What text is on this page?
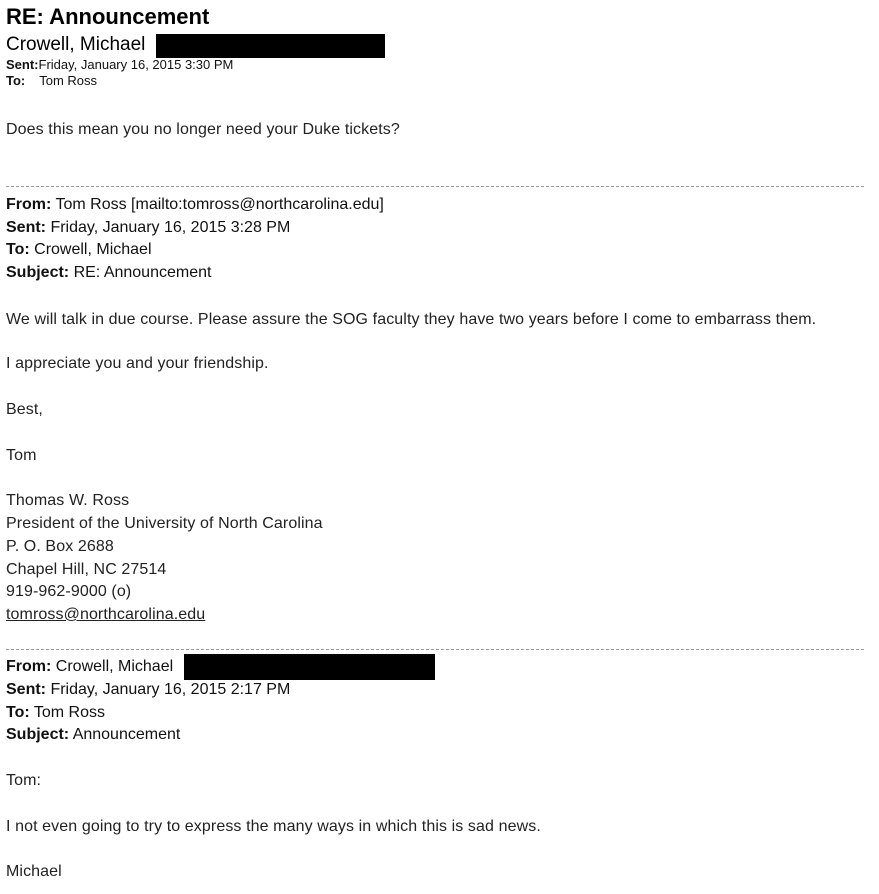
RE: Announcement
Crowell, Michael
Sent:Friday, January 16, 2015 3:30 PM
To: Tom Ross
Does this mean you no longer need your Duke tickets?
From: Tom Ross [mailto:tomross@northcarolina.edu]
Sent: Friday, January 16, 2015 3:28 PM
To: Crowell, Michael
Subject: RE: Announcement
We will talk in due course. Please assure the SOG faculty they have two years before I come to embarrass them.
I appreciate you and your friendship.
Best,
Tom
Thomas W. Ross
President of the University of North Carolina
P. O. Box 2688
Chapel Hill, NC 27514
919-962-9000 (o)
tomross@northcarolina.edu
From: Crowell, Michael
Sent: Friday, January 16, 2015 2:17 PM
To: Tom Ross
Subject: Announcement
Tom:
I not even going to try to express the many ways in which this is sad news.
Michael
